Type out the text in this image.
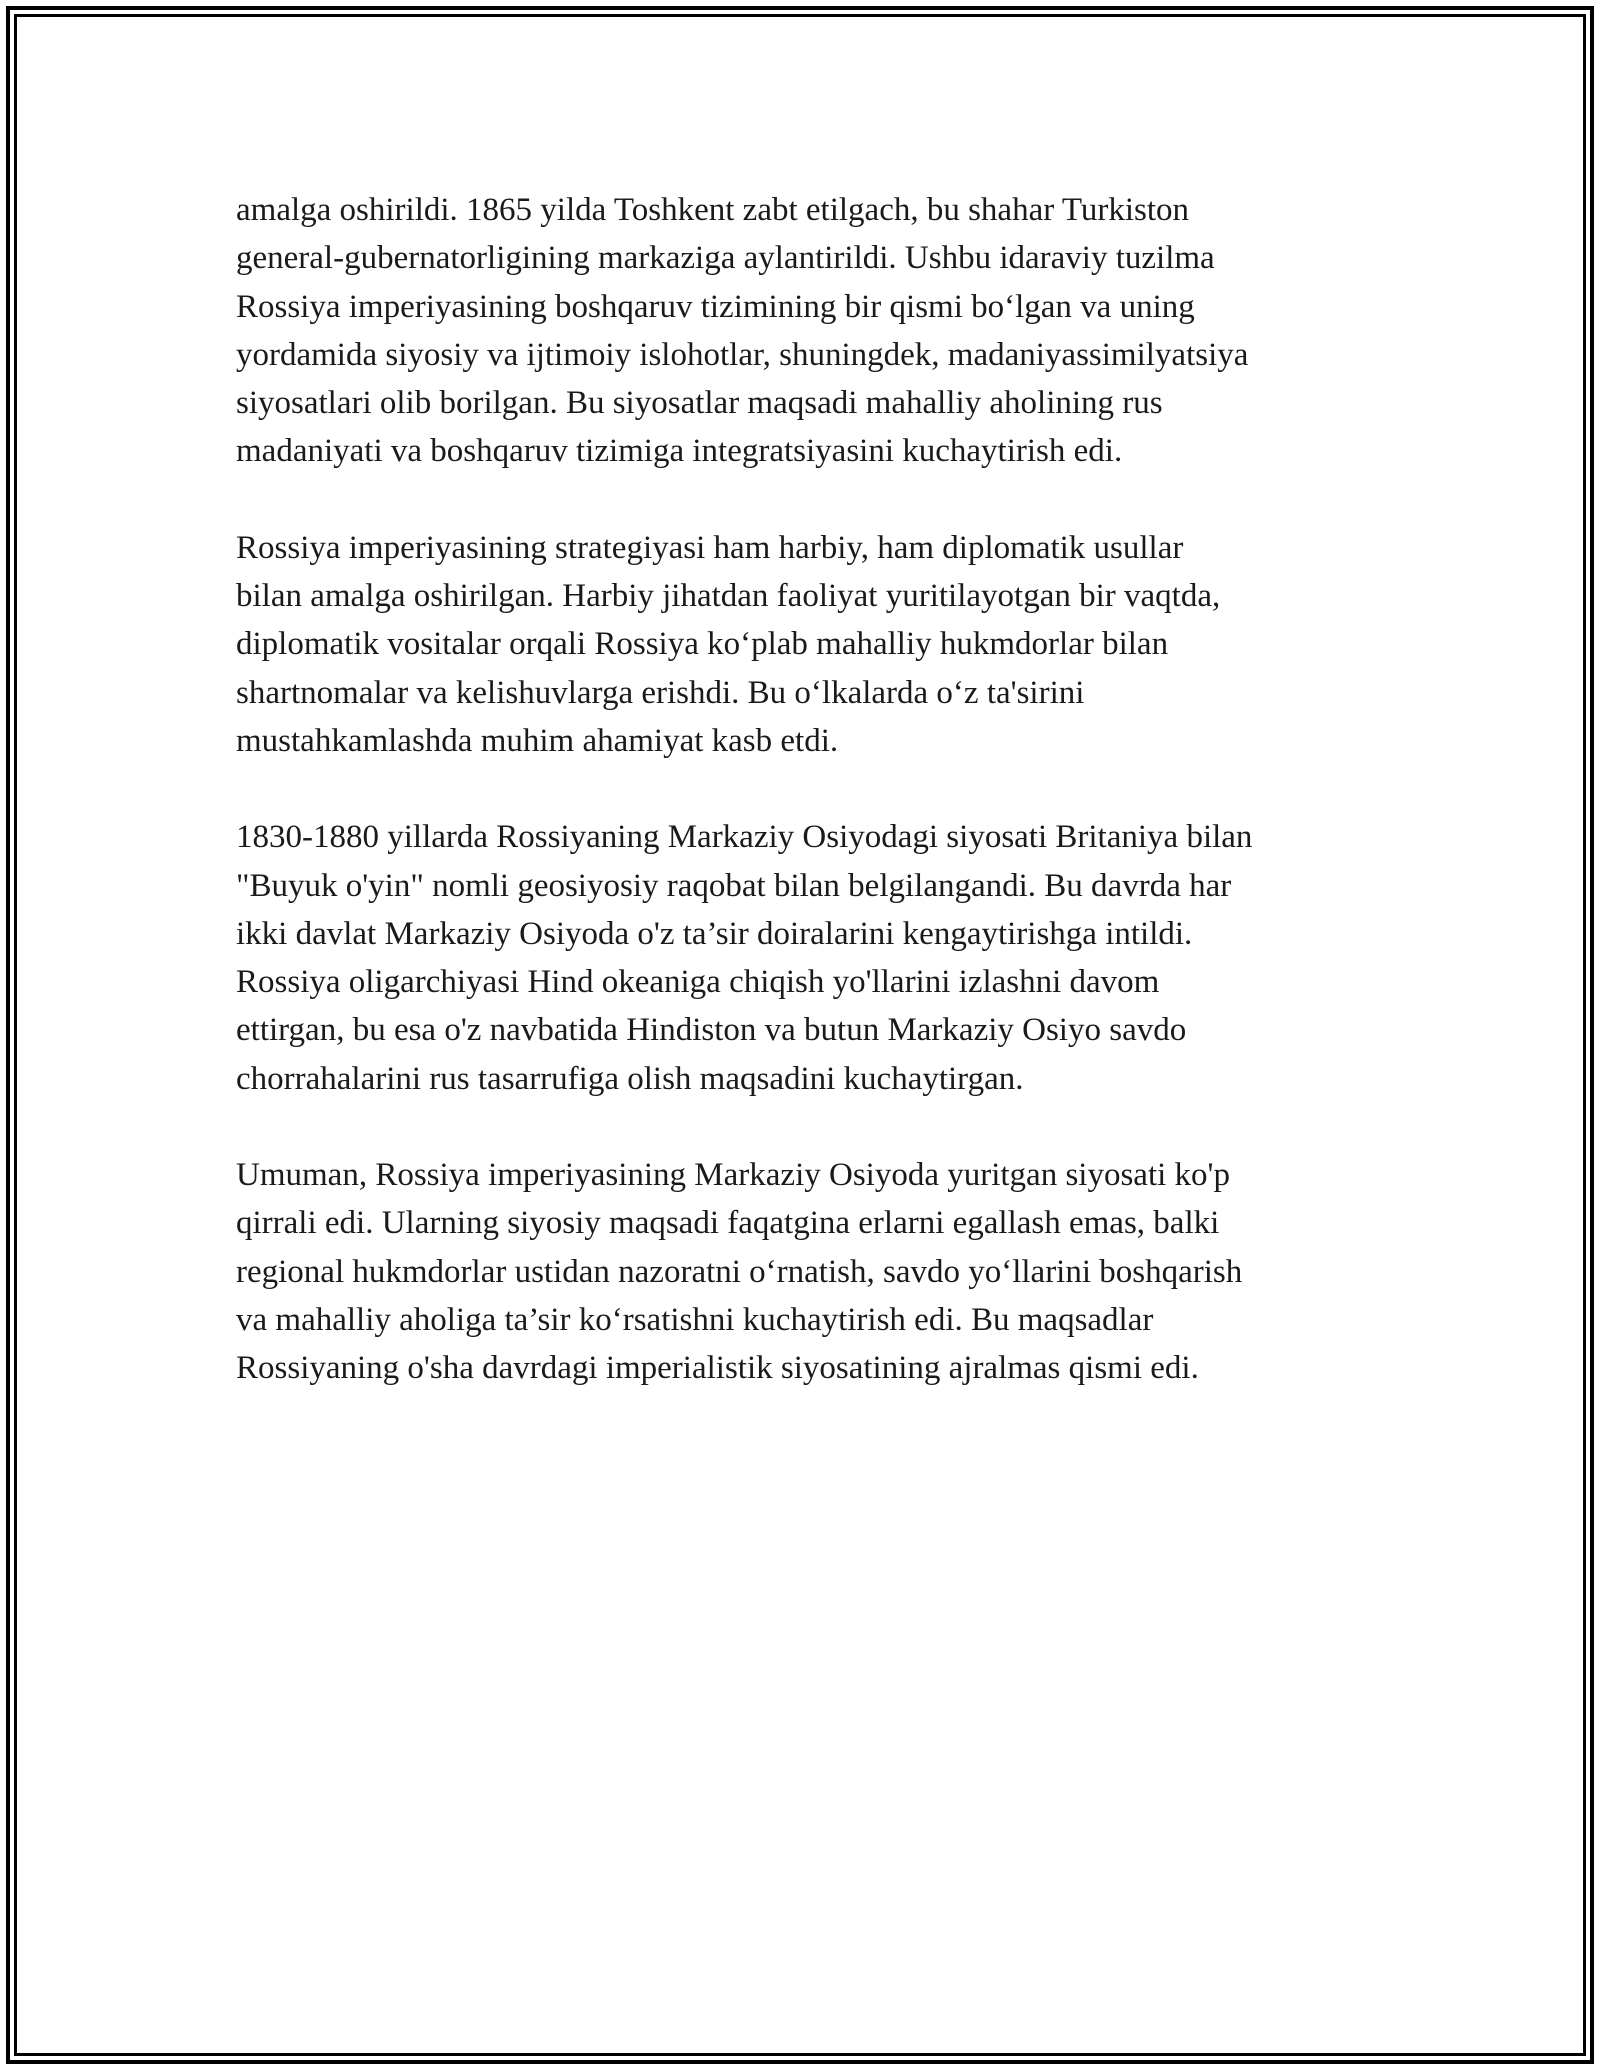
amalga oshirildi. 1865 yilda Toshkent zabt etilgach, bu shahar Turkiston
general-gubernatorligining markaziga aylantirildi. Ushbu idaraviy tuzilma
Rossiya imperiyasining boshqaruv tizimining bir qismi boʻlgan va uning
yordamida siyosiy va ijtimoiy islohotlar, shuningdek, madaniyassimilyatsiya
siyosatlari olib borilgan. Bu siyosatlar maqsadi mahalliy aholining rus
madaniyati va boshqaruv tizimiga integratsiyasini kuchaytirish edi.

Rossiya imperiyasining strategiyasi ham harbiy, ham diplomatik usullar
bilan amalga oshirilgan. Harbiy jihatdan faoliyat yuritilayotgan bir vaqtda,
diplomatik vositalar orqali Rossiya koʻplab mahalliy hukmdorlar bilan
shartnomalar va kelishuvlarga erishdi. Bu oʻlkalarda oʻz ta'sirini
mustahkamlashda muhim ahamiyat kasb etdi.

1830-1880 yillarda Rossiyaning Markaziy Osiyodagi siyosati Britaniya bilan
"Buyuk o'yin" nomli geosiyosiy raqobat bilan belgilangandi. Bu davrda har
ikki davlat Markaziy Osiyoda o'z ta’sir doiralarini kengaytirishga intildi.
Rossiya oligarchiyasi Hind okeaniga chiqish yo'llarini izlashni davom
ettirgan, bu esa o'z navbatida Hindiston va butun Markaziy Osiyo savdo
chorrahalarini rus tasarrufiga olish maqsadini kuchaytirgan.

Umuman, Rossiya imperiyasining Markaziy Osiyoda yuritgan siyosati ko'p
qirrali edi. Ularning siyosiy maqsadi faqatgina erlarni egallash emas, balki
regional hukmdorlar ustidan nazoratni oʻrnatish, savdo yoʻllarini boshqarish
va mahalliy aholiga ta’sir koʻrsatishni kuchaytirish edi. Bu maqsadlar
Rossiyaning o'sha davrdagi imperialistik siyosatining ajralmas qismi edi.
